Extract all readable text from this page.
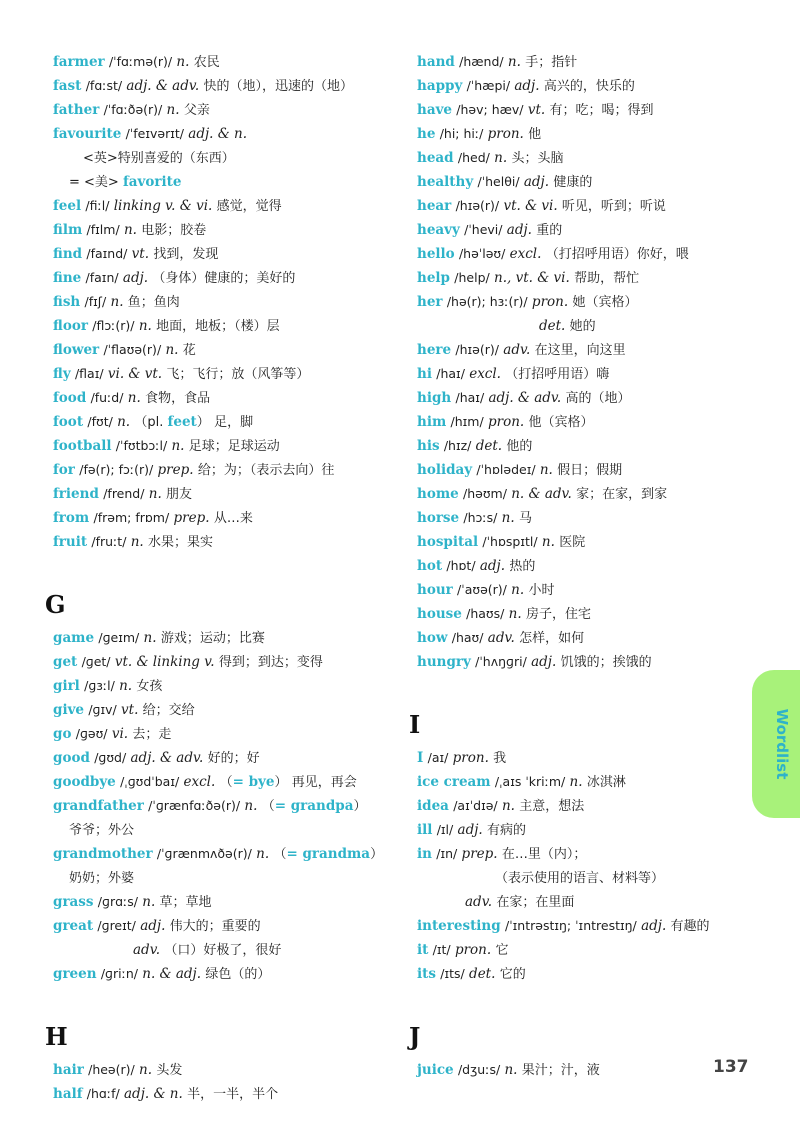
farmer /ˈfɑːmə(r)/ n. 农民
fast /fɑːst/ adj. & adv. 快的（地），迅速的（地）
father /ˈfɑːðə(r)/ n. 父亲
favourite /ˈfeɪvərɪt/ adj. & n.
<英>特别喜爱的（东西）
= <美> favorite
feel /fiːl/ linking v. & vi. 感觉，觉得
film /fɪlm/ n. 电影；胶卷
find /faɪnd/ vt. 找到，发现
fine /faɪn/ adj. （身体）健康的；美好的
fish /fɪʃ/ n. 鱼；鱼肉
floor /flɔː(r)/ n. 地面，地板；（楼）层
flower /ˈflaʊə(r)/ n. 花
fly /flaɪ/ vi. & vt. 飞；飞行；放（风筝等）
food /fuːd/ n. 食物，食品
foot /fʊt/ n. （pl. feet） 足，脚
football /ˈfʊtbɔːl/ n. 足球；足球运动
for /fə(r); fɔː(r)/ prep. 给；为；（表示去向）往
friend /frend/ n. 朋友
from /frəm; frɒm/ prep. 从…来
fruit /fruːt/ n. 水果；果实
G
game /ɡeɪm/ n. 游戏；运动；比赛
get /ɡet/ vt. & linking v. 得到；到达；变得
girl /ɡɜːl/ n. 女孩
give /ɡɪv/ vt. 给；交给
go /ɡəʊ/ vi. 去；走
good /ɡʊd/ adj. & adv. 好的；好
goodbye /ˌɡʊdˈbaɪ/ excl. （= bye） 再见，再会
grandfather /ˈɡrænfɑːðə(r)/ n. （= grandpa）
爷爷；外公
grandmother /ˈɡrænmʌðə(r)/ n. （= grandma）
奶奶；外婆
grass /ɡrɑːs/ n. 草；草地
great /ɡreɪt/ adj. 伟大的；重要的
adv. （口）好极了，很好
green /ɡriːn/ n. & adj. 绿色（的）
H
hair /heə(r)/ n. 头发
half /hɑːf/ adj. & n. 半，一半，半个
hand /hænd/ n. 手；指针
happy /ˈhæpi/ adj. 高兴的，快乐的
have /həv; hæv/ vt. 有；吃；喝；得到
he /hi; hiː/ pron. 他
head /hed/ n. 头；头脑
healthy /ˈhelθi/ adj. 健康的
hear /hɪə(r)/ vt. & vi. 听见，听到；听说
heavy /ˈhevi/ adj. 重的
hello /həˈləʊ/ excl. （打招呼用语）你好，喂
help /help/ n., vt. & vi. 帮助，帮忙
her /hə(r); hɜː(r)/ pron. 她（宾格）
det. 她的
here /hɪə(r)/ adv. 在这里，向这里
hi /haɪ/ excl. （打招呼用语）嗨
high /haɪ/ adj. & adv. 高的（地）
him /hɪm/ pron. 他（宾格）
his /hɪz/ det. 他的
holiday /ˈhɒlədeɪ/ n. 假日；假期
home /həʊm/ n. & adv. 家；在家，到家
horse /hɔːs/ n. 马
hospital /ˈhɒspɪtl/ n. 医院
hot /hɒt/ adj. 热的
hour /ˈaʊə(r)/ n. 小时
house /haʊs/ n. 房子，住宅
how /haʊ/ adv. 怎样，如何
hungry /ˈhʌŋɡri/ adj. 饥饿的；挨饿的
I
I /aɪ/ pron. 我
ice cream /ˌaɪs ˈkriːm/ n. 冰淇淋
idea /aɪˈdɪə/ n. 主意，想法
ill /ɪl/ adj. 有病的
in /ɪn/ prep. 在…里（内）；
（表示使用的语言、材料等）
adv. 在家；在里面
interesting /ˈɪntrəstɪŋ; ˈɪntrestɪŋ/ adj. 有趣的
it /ɪt/ pron. 它
its /ɪts/ det. 它的
J
juice /dʒuːs/ n. 果汁；汁，液
Wordlist
137
